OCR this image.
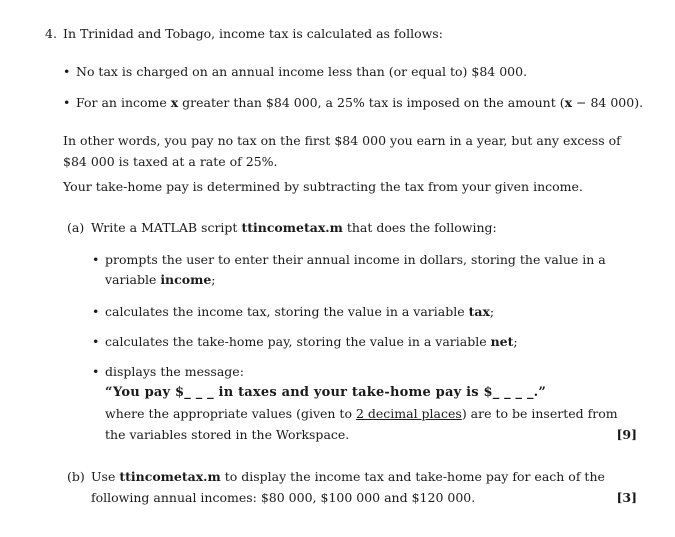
4. In Trinidad and Tobago, income tax is calculated as follows:
• No tax is charged on an annual income less than (or equal to) $84 000.
• For an income x greater than $84 000, a 25% tax is imposed on the amount (x − 84 000).
In other words, you pay no tax on the first $84 000 you earn in a year, but any excess of
$84 000 is taxed at a rate of 25%.
Your take-home pay is determined by subtracting the tax from your given income.
(a) Write a MATLAB script ttincometax.m that does the following:
• prompts the user to enter their annual income in dollars, storing the value in a
variable income;
• calculates the income tax, storing the value in a variable tax;
• calculates the take-home pay, storing the value in a variable net;
• displays the message:
“You pay $_ _ _ in taxes and your take-home pay is $_ _ _ _.”
where the appropriate values (given to 2 decimal places) are to be inserted from
the variables stored in the Workspace.	[9]
(b) Use ttincometax.m to display the income tax and take-home pay for each of the
following annual incomes: $80 000, $100 000 and $120 000.	[3]
